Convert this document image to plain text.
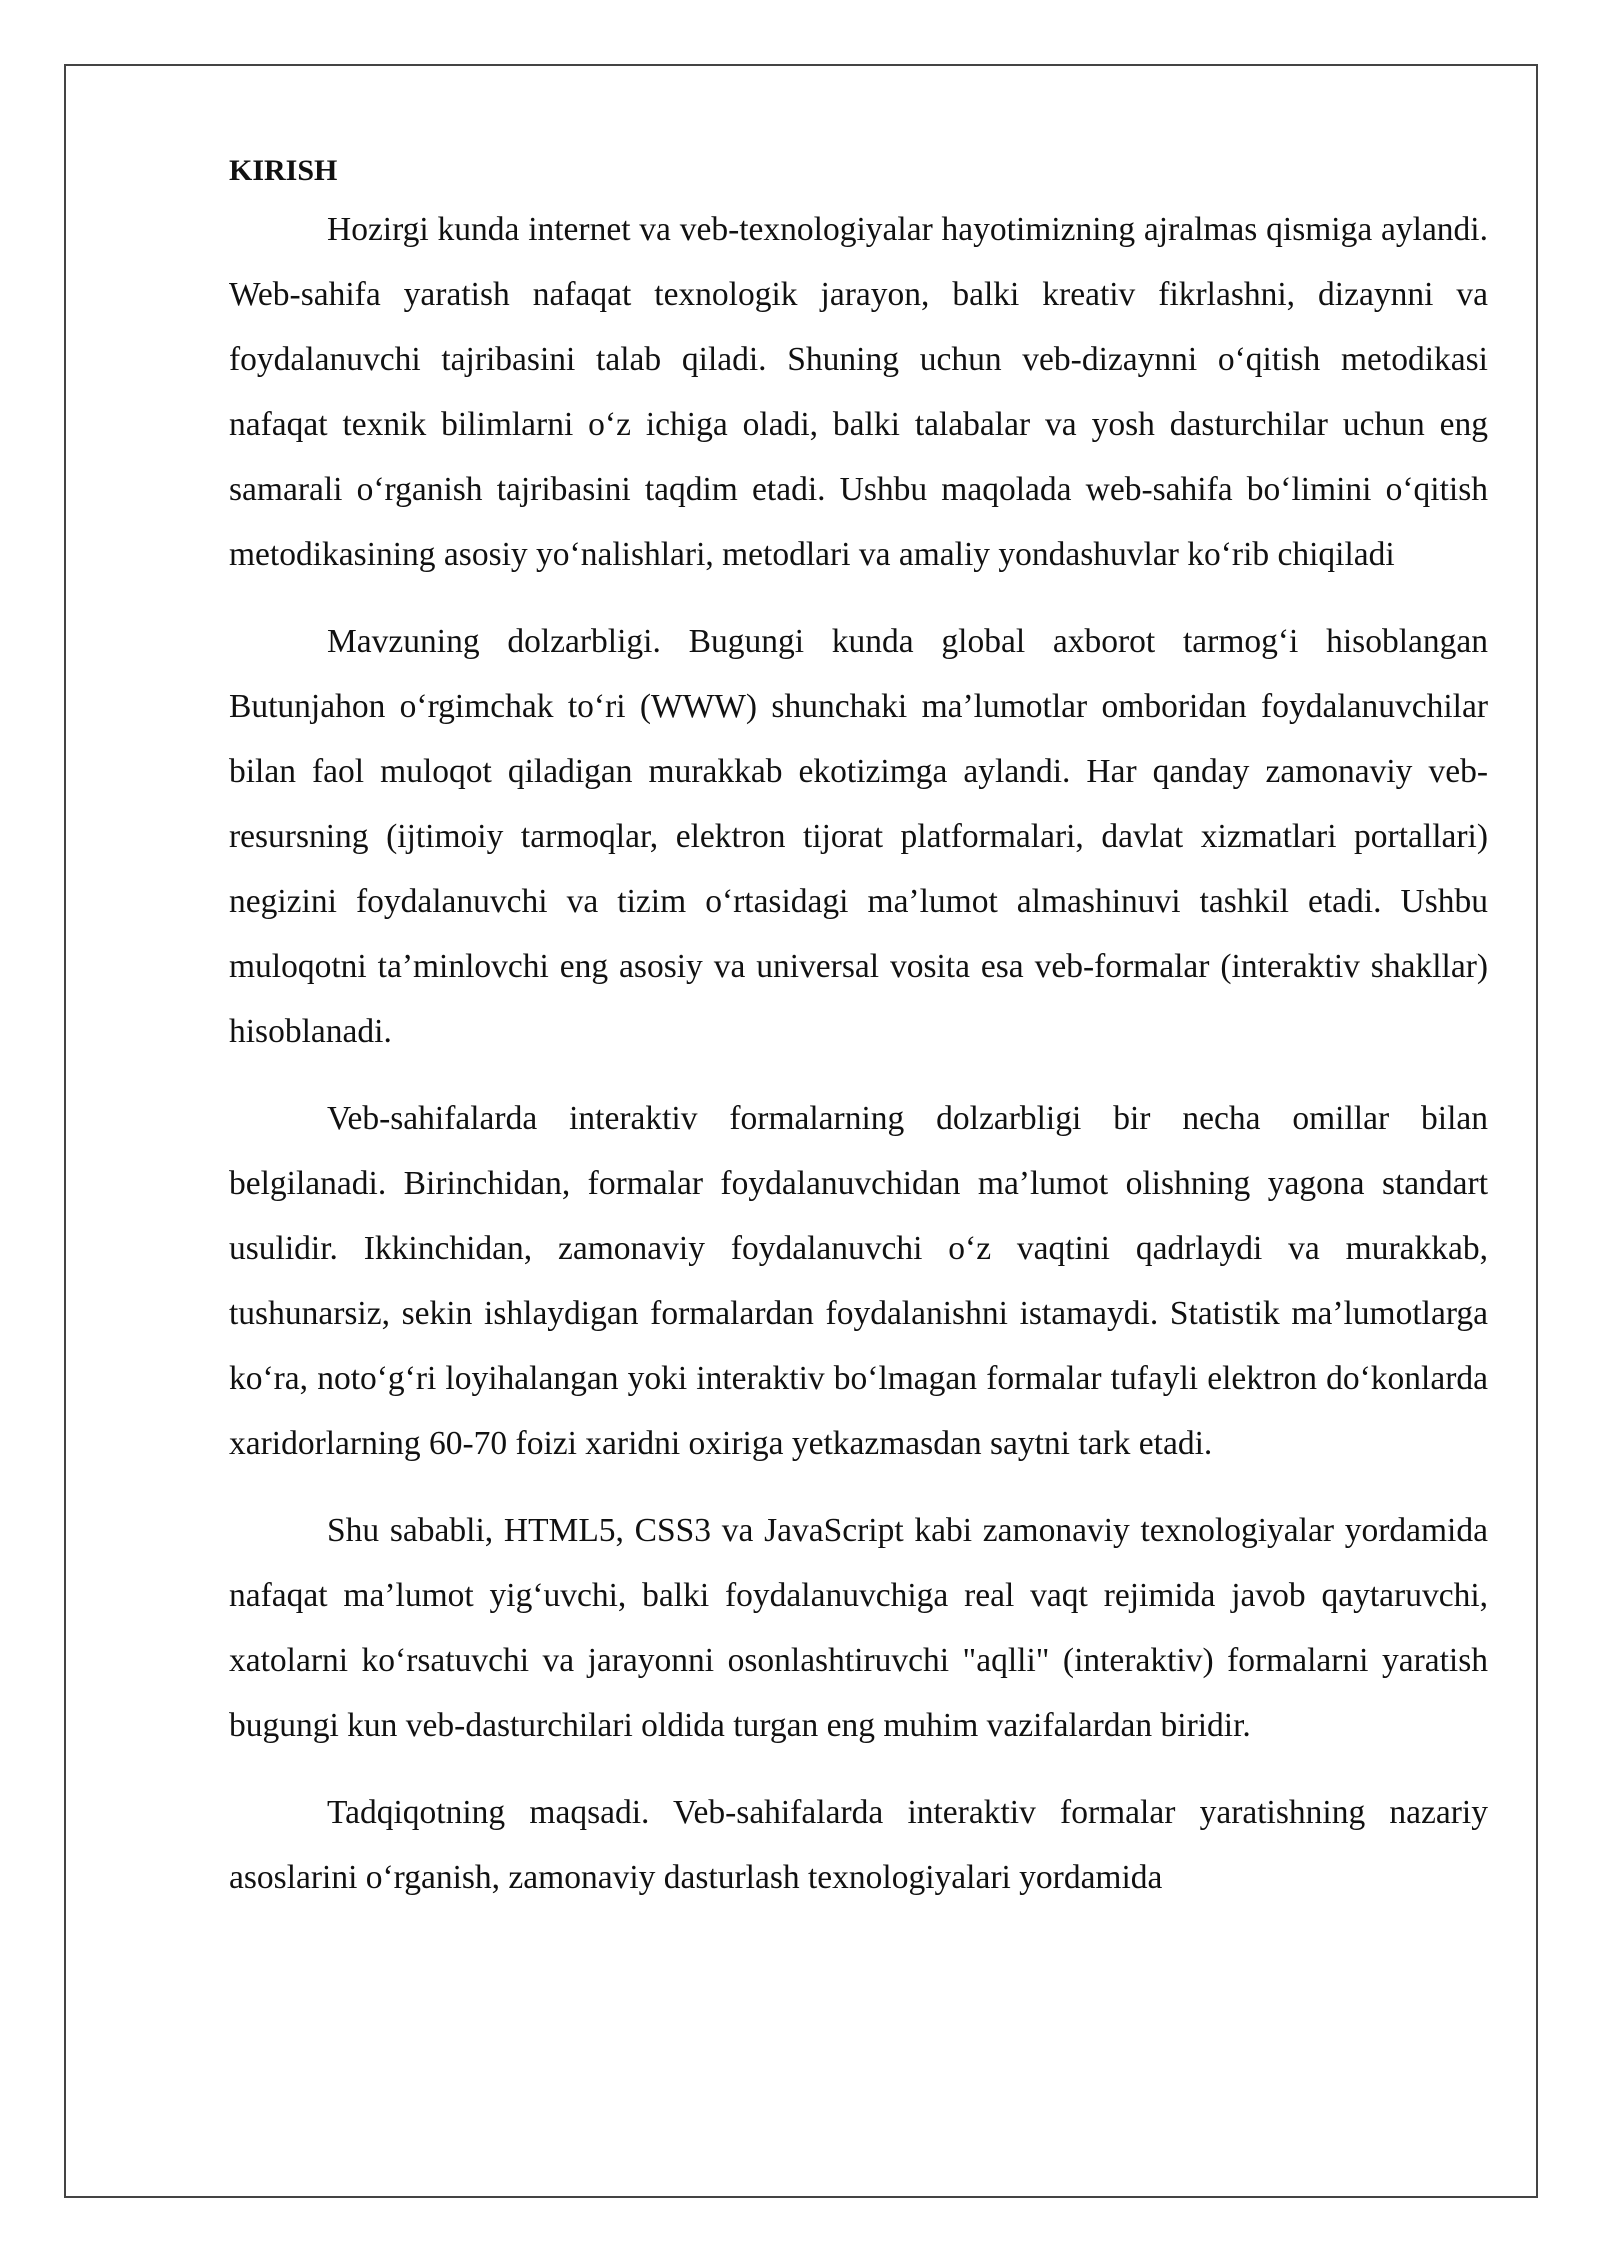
KIRISH

Hozirgi kunda internet va veb-texnologiyalar hayotimizning ajralmas qismiga aylandi. Web-sahifa yaratish nafaqat texnologik jarayon, balki kreativ fikrlashni, dizaynni va foydalanuvchi tajribasini talab qiladi. Shuning uchun veb-dizaynni o‘qitish metodikasi nafaqat texnik bilimlarni o‘z ichiga oladi, balki talabalar va yosh dasturchilar uchun eng samarali o‘rganish tajribasini taqdim etadi. Ushbu maqolada web-sahifa bo‘limini o‘qitish metodikasining asosiy yo‘nalishlari, metodlari va amaliy yondashuvlar ko‘rib chiqiladi

Mavzuning dolzarbligi. Bugungi kunda global axborot tarmog‘i hisoblangan Butunjahon o‘rgimchak to‘ri (WWW) shunchaki ma’lumotlar omboridan foydalanuvchilar bilan faol muloqot qiladigan murakkab ekotizimga aylandi. Har qanday zamonaviy veb-resursning (ijtimoiy tarmoqlar, elektron tijorat platformalari, davlat xizmatlari portallari) negizini foydalanuvchi va tizim o‘rtasidagi ma’lumot almashinuvi tashkil etadi. Ushbu muloqotni ta’minlovchi eng asosiy va universal vosita esa veb-formalar (interaktiv shakllar) hisoblanadi.

Veb-sahifalarda interaktiv formalarning dolzarbligi bir necha omillar bilan belgilanadi. Birinchidan, formalar foydalanuvchidan ma’lumot olishning yagona standart usulidir. Ikkinchidan, zamonaviy foydalanuvchi o‘z vaqtini qadrlaydi va murakkab, tushunarsiz, sekin ishlaydigan formalardan foydalanishni istamaydi. Statistik ma’lumotlarga ko‘ra, noto‘g‘ri loyihalangan yoki interaktiv bo‘lmagan formalar tufayli elektron do‘konlarda xaridorlarning 60-70 foizi xaridni oxiriga yetkazmasdan saytni tark etadi.

Shu sababli, HTML5, CSS3 va JavaScript kabi zamonaviy texnologiyalar yordamida nafaqat ma’lumot yig‘uvchi, balki foydalanuvchiga real vaqt rejimida javob qaytaruvchi, xatolarni ko‘rsatuvchi va jarayonni osonlashtiruvchi "aqlli" (interaktiv) formalarni yaratish bugungi kun veb-dasturchilari oldida turgan eng muhim vazifalardan biridir.

Tadqiqotning maqsadi. Veb-sahifalarda interaktiv formalar yaratishning nazariy asoslarini o‘rganish, zamonaviy dasturlash texnologiyalari yordamida
